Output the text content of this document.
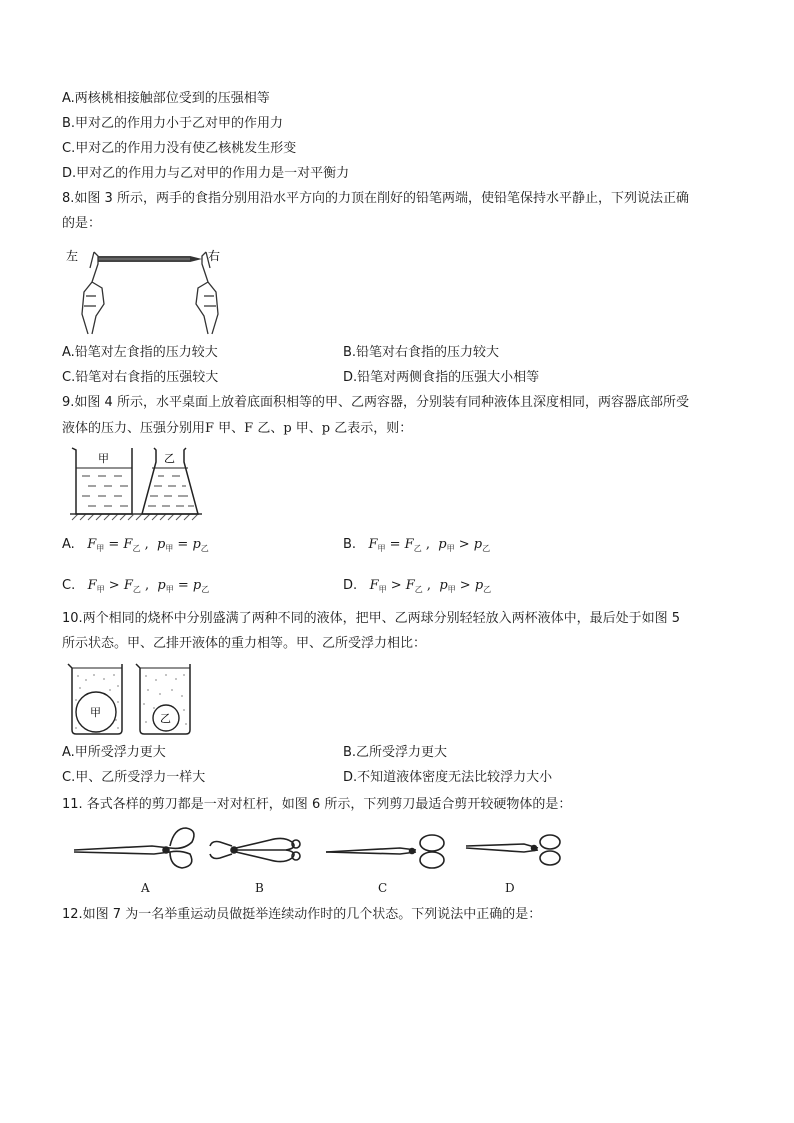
A.两核桃相接触部位受到的压强相等
B.甲对乙的作用力小于乙对甲的作用力
C.甲对乙的作用力没有使乙核桃发生形变
D.甲对乙的作用力与乙对甲的作用力是一对平衡力
8.如图 3 所示，两手的食指分别用沿水平方向的力顶在削好的铅笔两端，使铅笔保持水平静止，下列说法正确
的是：
左	右
A.铅笔对左食指的压力较大	B.铅笔对右食指的压力较大
C.铅笔对右食指的压强较大	D.铅笔对两侧食指的压强大小相等
9.如图 4 所示，水平桌面上放着底面积相等的甲、乙两容器，分别装有同种液体且深度相同，两容器底部所受
液体的压力、压强分别用F 甲、F 乙、p 甲、p 乙表示，则：
甲	乙
A. $F_甲 = F_乙$ ,  $p_甲 = p_乙$	B. $F_甲 = F_乙$ ,  $p_甲 > p_乙$
C. $F_甲 > F_乙$ ,  $p_甲 = p_乙$	D. $F_甲 > F_乙$ ,  $p_甲 > p_乙$
10.两个相同的烧杯中分别盛满了两种不同的液体，把甲、乙两球分别轻轻放入两杯液体中，最后处于如图 5
所示状态。甲、乙排开液体的重力相等。甲、乙所受浮力相比：
甲	乙
A.甲所受浮力更大	B.乙所受浮力更大
C.甲、乙所受浮力一样大	D.不知道液体密度无法比较浮力大小
11. 各式各样的剪刀都是一对对杠杆，如图 6 所示，下列剪刀最适合剪开较硬物体的是：
A	B	C	D
12.如图 7 为一名举重运动员做挺举连续动作时的几个状态。下列说法中正确的是：
